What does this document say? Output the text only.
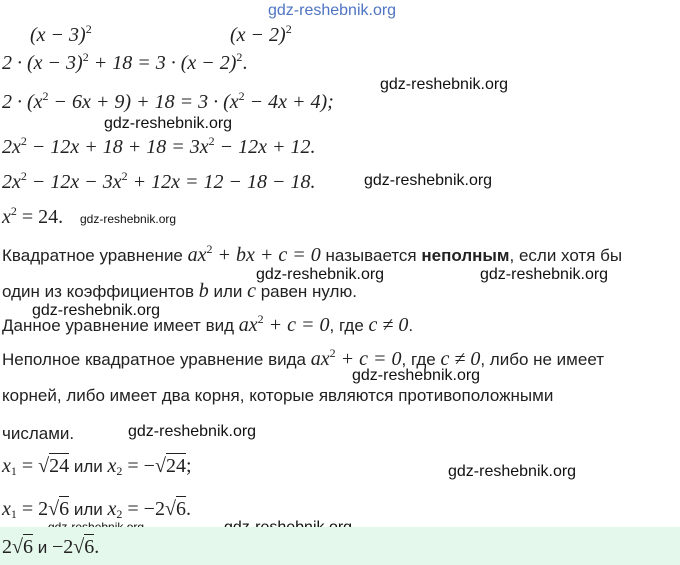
gdz-reshebnik.org
$(x - 3)^2$	$(x - 2)^2$
$2 \cdot (x - 3)^2 + 18 = 3 \cdot (x - 2)^2$.
gdz-reshebnik.org
$2 \cdot (x^2 - 6x + 9) + 18 = 3 \cdot (x^2 - 4x + 4)$;
gdz-reshebnik.org
$2x^2 - 12x + 18 + 18 = 3x^2 - 12x + 12$.
$2x^2 - 12x - 3x^2 + 12x = 12 - 18 - 18$.	gdz-reshebnik.org
$x^2 = 24$. gdz-reshebnik.org
Квадратное уравнение $ax^2$ + bx + c = 0 называется неполным, если хотя бы
gdz-reshebnik.org	gdz-reshebnik.org
один из коэффициентов b или c равен нулю.
gdz-reshebnik.org
Данное уравнение имеет вид $ax^2 + c = 0$, где c ≠ 0.
Неполное квадратное уравнение вида $ax^2 + c = 0$, где c ≠ 0, либо не имеет
gdz-reshebnik.org
корней, либо имеет два корня, которые являются противоположными
числами.	gdz-reshebnik.org
$x_1 = √24$ или $x_2 = -√24$;	gdz-reshebnik.org
$x_1 = 2√6$ или $x_2 = -2√6$.
2√6 и −2√6.
